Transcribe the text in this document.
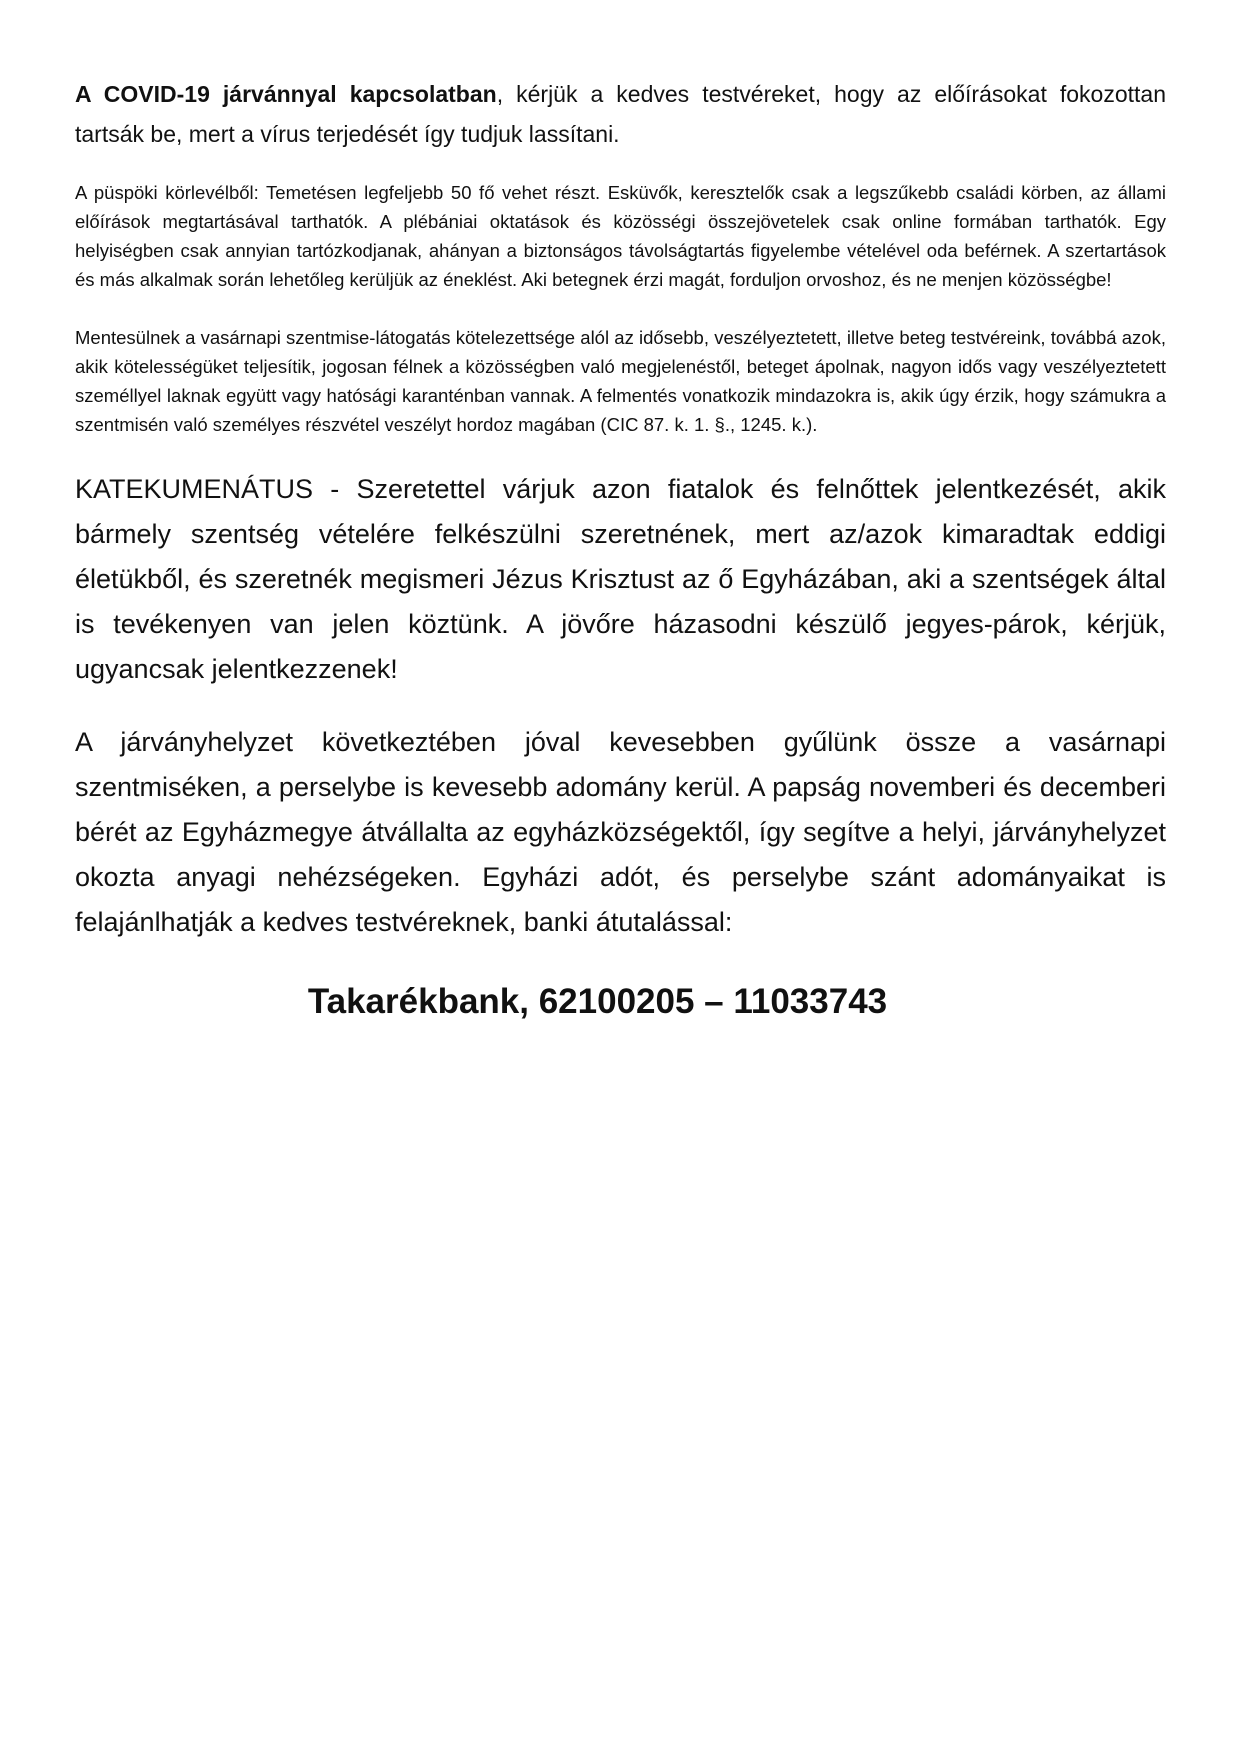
A COVID-19 járvánnyal kapcsolatban, kérjük a kedves testvéreket, hogy az előírásokat fokozottan tartsák be, mert a vírus terjedését így tudjuk lassítani.

A püspöki körlevélből: Temetésen legfeljebb 50 fő vehet részt. Esküvők, keresztelők csak a legszűkebb családi körben, az állami előírások megtartásával tarthatók. A plébániai oktatások és közösségi összejövetelek csak online formában tarthatók. Egy helyiségben csak annyian tartózkodjanak, ahányan a biztonságos távolságtartás figyelembe vételével oda beférnek. A szertartások és más alkalmak során lehetőleg kerüljük az éneklést. Aki betegnek érzi magát, forduljon orvoshoz, és ne menjen közösségbe!

Mentesülnek a vasárnapi szentmise-látogatás kötelezettsége alól az idősebb, veszélyeztetett, illetve beteg testvéreink, továbbá azok, akik kötelességüket teljesítik, jogosan félnek a közösségben való megjelenéstől, beteget ápolnak, nagyon idős vagy veszélyeztetett személlyel laknak együtt vagy hatósági karanténban vannak. A felmentés vonatkozik mindazokra is, akik úgy érzik, hogy számukra a szentmisén való személyes részvétel veszélyt hordoz magában (CIC 87. k. 1. §., 1245. k.).

KATEKUMENÁTUS - Szeretettel várjuk azon fiatalok és felnőttek jelentkezését, akik bármely szentség vételére felkészülni szeretnének, mert az/azok kimaradtak eddigi életükből, és szeretnék megismeri Jézus Krisztust az ő Egyházában, aki a szentségek által is tevékenyen van jelen köztünk. A jövőre házasodni készülő jegyes-párok, kérjük, ugyancsak jelentkezzenek!

A járványhelyzet következtében jóval kevesebben gyűlünk össze a vasárnapi szentmiséken, a perselybe is kevesebb adomány kerül. A papság novemberi és decemberi bérét az Egyházmegye átvállalta az egyházközségektől, így segítve a helyi, járványhelyzet okozta anyagi nehézségeken. Egyházi adót, és perselybe szánt adományaikat is felajánlhatják a kedves testvéreknek, banki átutalással:

Takarékbank, 62100205 – 11033743
